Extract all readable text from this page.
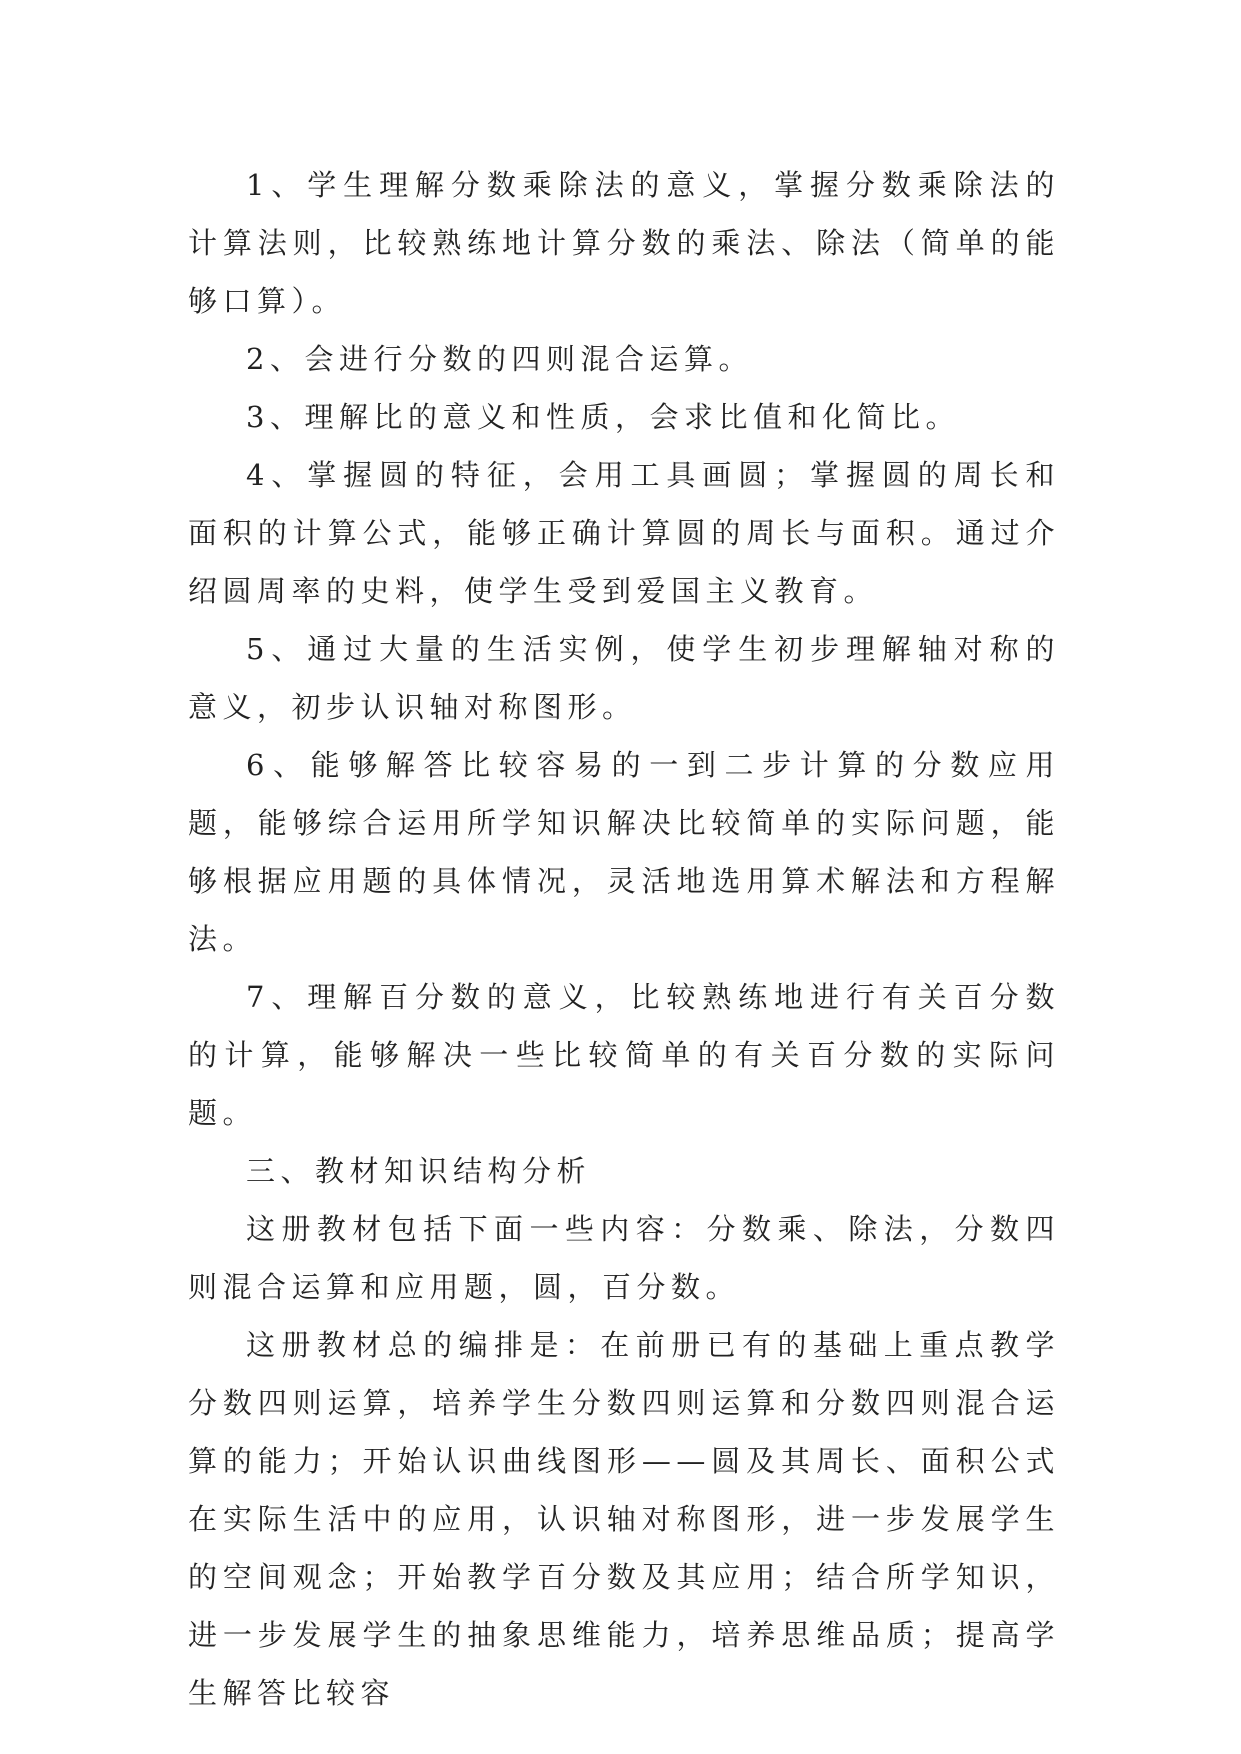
1、学生理解分数乘除法的意义，掌握分数乘除法的计算法则，比较熟练地计算分数的乘法、除法（简单的能够口算）。

2、会进行分数的四则混合运算。

3、理解比的意义和性质，会求比值和化简比。

4、掌握圆的特征，会用工具画圆；掌握圆的周长和面积的计算公式，能够正确计算圆的周长与面积。通过介绍圆周率的史料，使学生受到爱国主义教育。

5、通过大量的生活实例，使学生初步理解轴对称的意义，初步认识轴对称图形。

6、能够解答比较容易的一到二步计算的分数应用题，能够综合运用所学知识解决比较简单的实际问题，能够根据应用题的具体情况，灵活地选用算术解法和方程解法。

7、理解百分数的意义，比较熟练地进行有关百分数的计算，能够解决一些比较简单的有关百分数的实际问题。

三、教材知识结构分析

这册教材包括下面一些内容：分数乘、除法，分数四则混合运算和应用题，圆，百分数。

这册教材总的编排是：在前册已有的基础上重点教学分数四则运算，培养学生分数四则运算和分数四则混合运算的能力；开始认识曲线图形——圆及其周长、面积公式在实际生活中的应用，认识轴对称图形，进一步发展学生的空间观念；开始教学百分数及其应用；结合所学知识，进一步发展学生的抽象思维能力，培养思维品质；提高学生解答比较容
